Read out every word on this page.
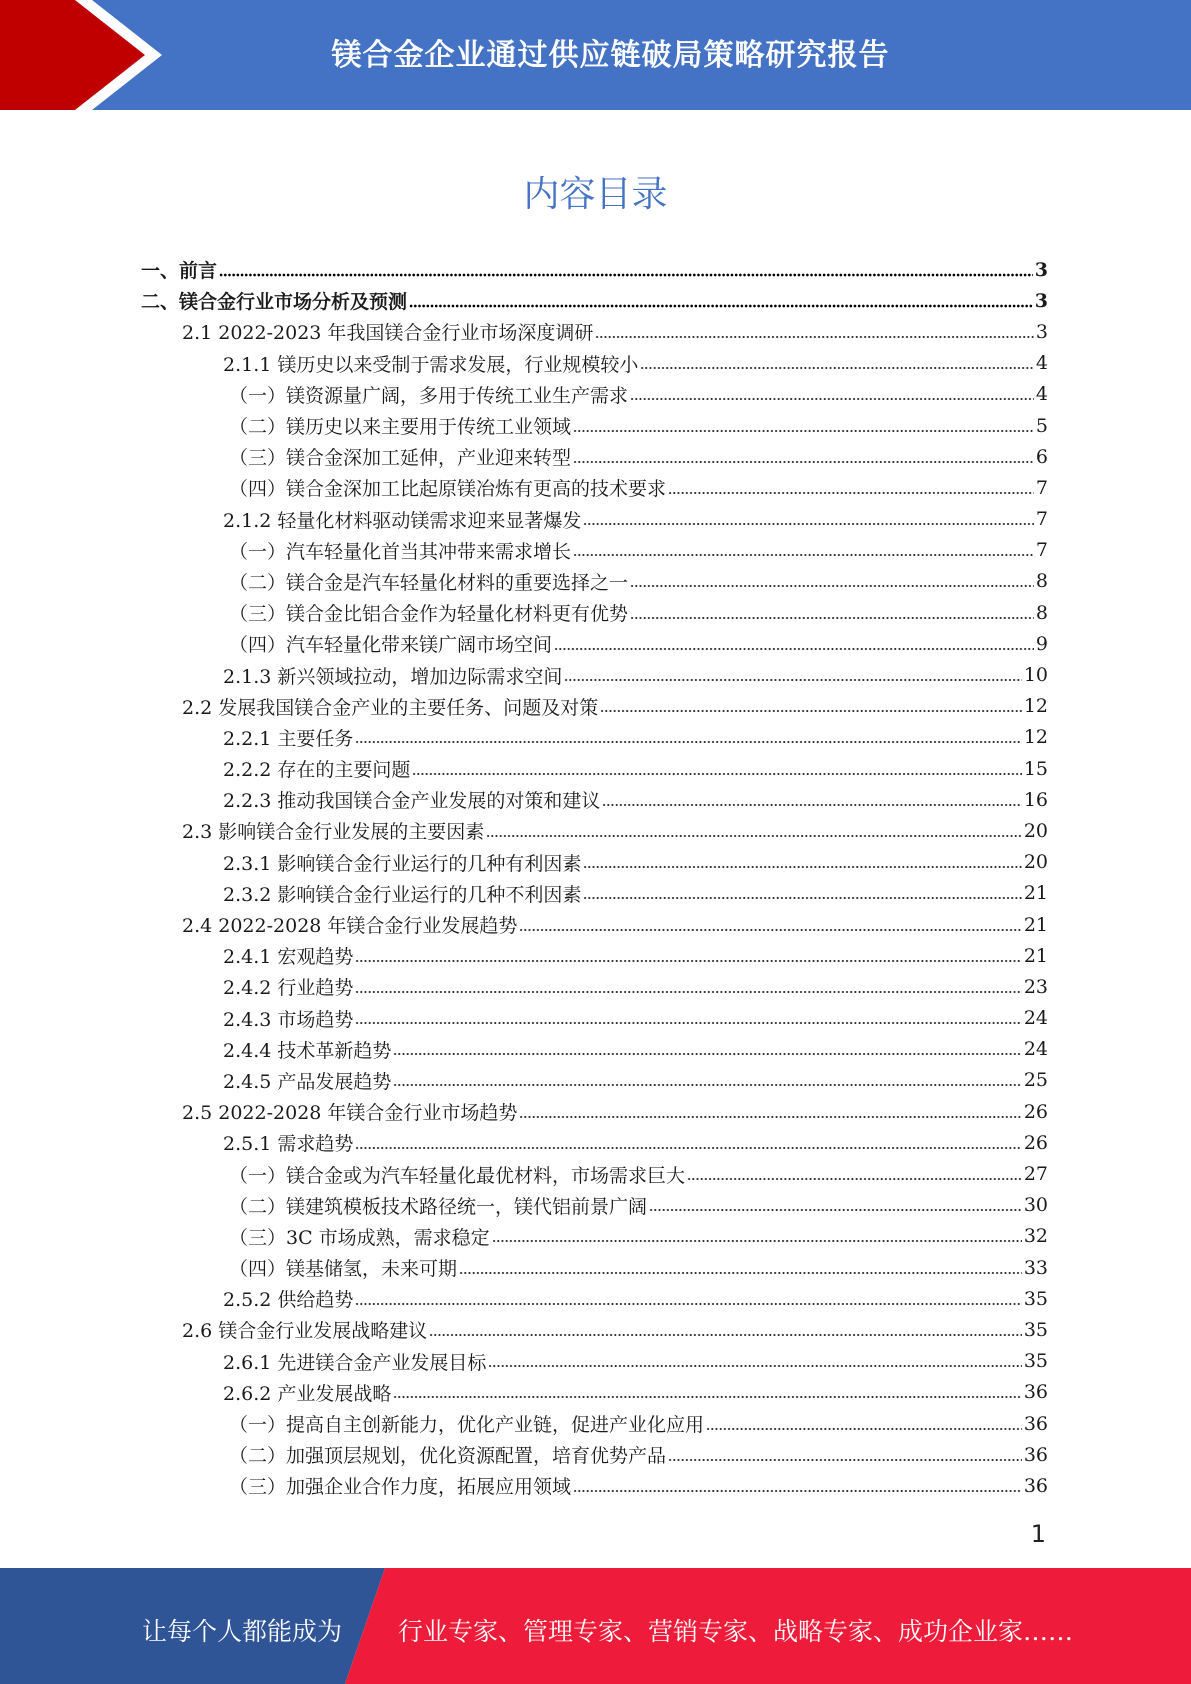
镁合金企业通过供应链破局策略研究报告
内容目录
一、前言	3
二、镁合金行业市场分析及预测	3
2.1 2022-2023 年我国镁合金行业市场深度调研	3
2.1.1 镁历史以来受制于需求发展，行业规模较小	4
（一）镁资源量广阔，多用于传统工业生产需求	4
（二）镁历史以来主要用于传统工业领域	5
（三）镁合金深加工延伸，产业迎来转型	6
（四）镁合金深加工比起原镁冶炼有更高的技术要求	7
2.1.2 轻量化材料驱动镁需求迎来显著爆发	7
（一）汽车轻量化首当其冲带来需求增长	7
（二）镁合金是汽车轻量化材料的重要选择之一	8
（三）镁合金比铝合金作为轻量化材料更有优势	8
（四）汽车轻量化带来镁广阔市场空间	9
2.1.3 新兴领域拉动，增加边际需求空间	10
2.2 发展我国镁合金产业的主要任务、问题及对策	12
2.2.1 主要任务	12
2.2.2 存在的主要问题	15
2.2.3 推动我国镁合金产业发展的对策和建议	16
2.3 影响镁合金行业发展的主要因素	20
2.3.1 影响镁合金行业运行的几种有利因素	20
2.3.2 影响镁合金行业运行的几种不利因素	21
2.4 2022-2028 年镁合金行业发展趋势	21
2.4.1 宏观趋势	21
2.4.2 行业趋势	23
2.4.3 市场趋势	24
2.4.4 技术革新趋势	24
2.4.5 产品发展趋势	25
2.5 2022-2028 年镁合金行业市场趋势	26
2.5.1 需求趋势	26
（一）镁合金或为汽车轻量化最优材料，市场需求巨大	27
（二）镁建筑模板技术路径统一，镁代铝前景广阔	30
（三）3C 市场成熟，需求稳定	32
（四）镁基储氢，未来可期	33
2.5.2 供给趋势	35
2.6 镁合金行业发展战略建议	35
2.6.1 先进镁合金产业发展目标	35
2.6.2 产业发展战略	36
（一）提高自主创新能力，优化产业链，促进产业化应用	36
（二）加强顶层规划，优化资源配置，培育优势产品	36
（三）加强企业合作力度，拓展应用领域	36
1
让每个人都能成为 行业专家、管理专家、营销专家、战略专家、成功企业家……
